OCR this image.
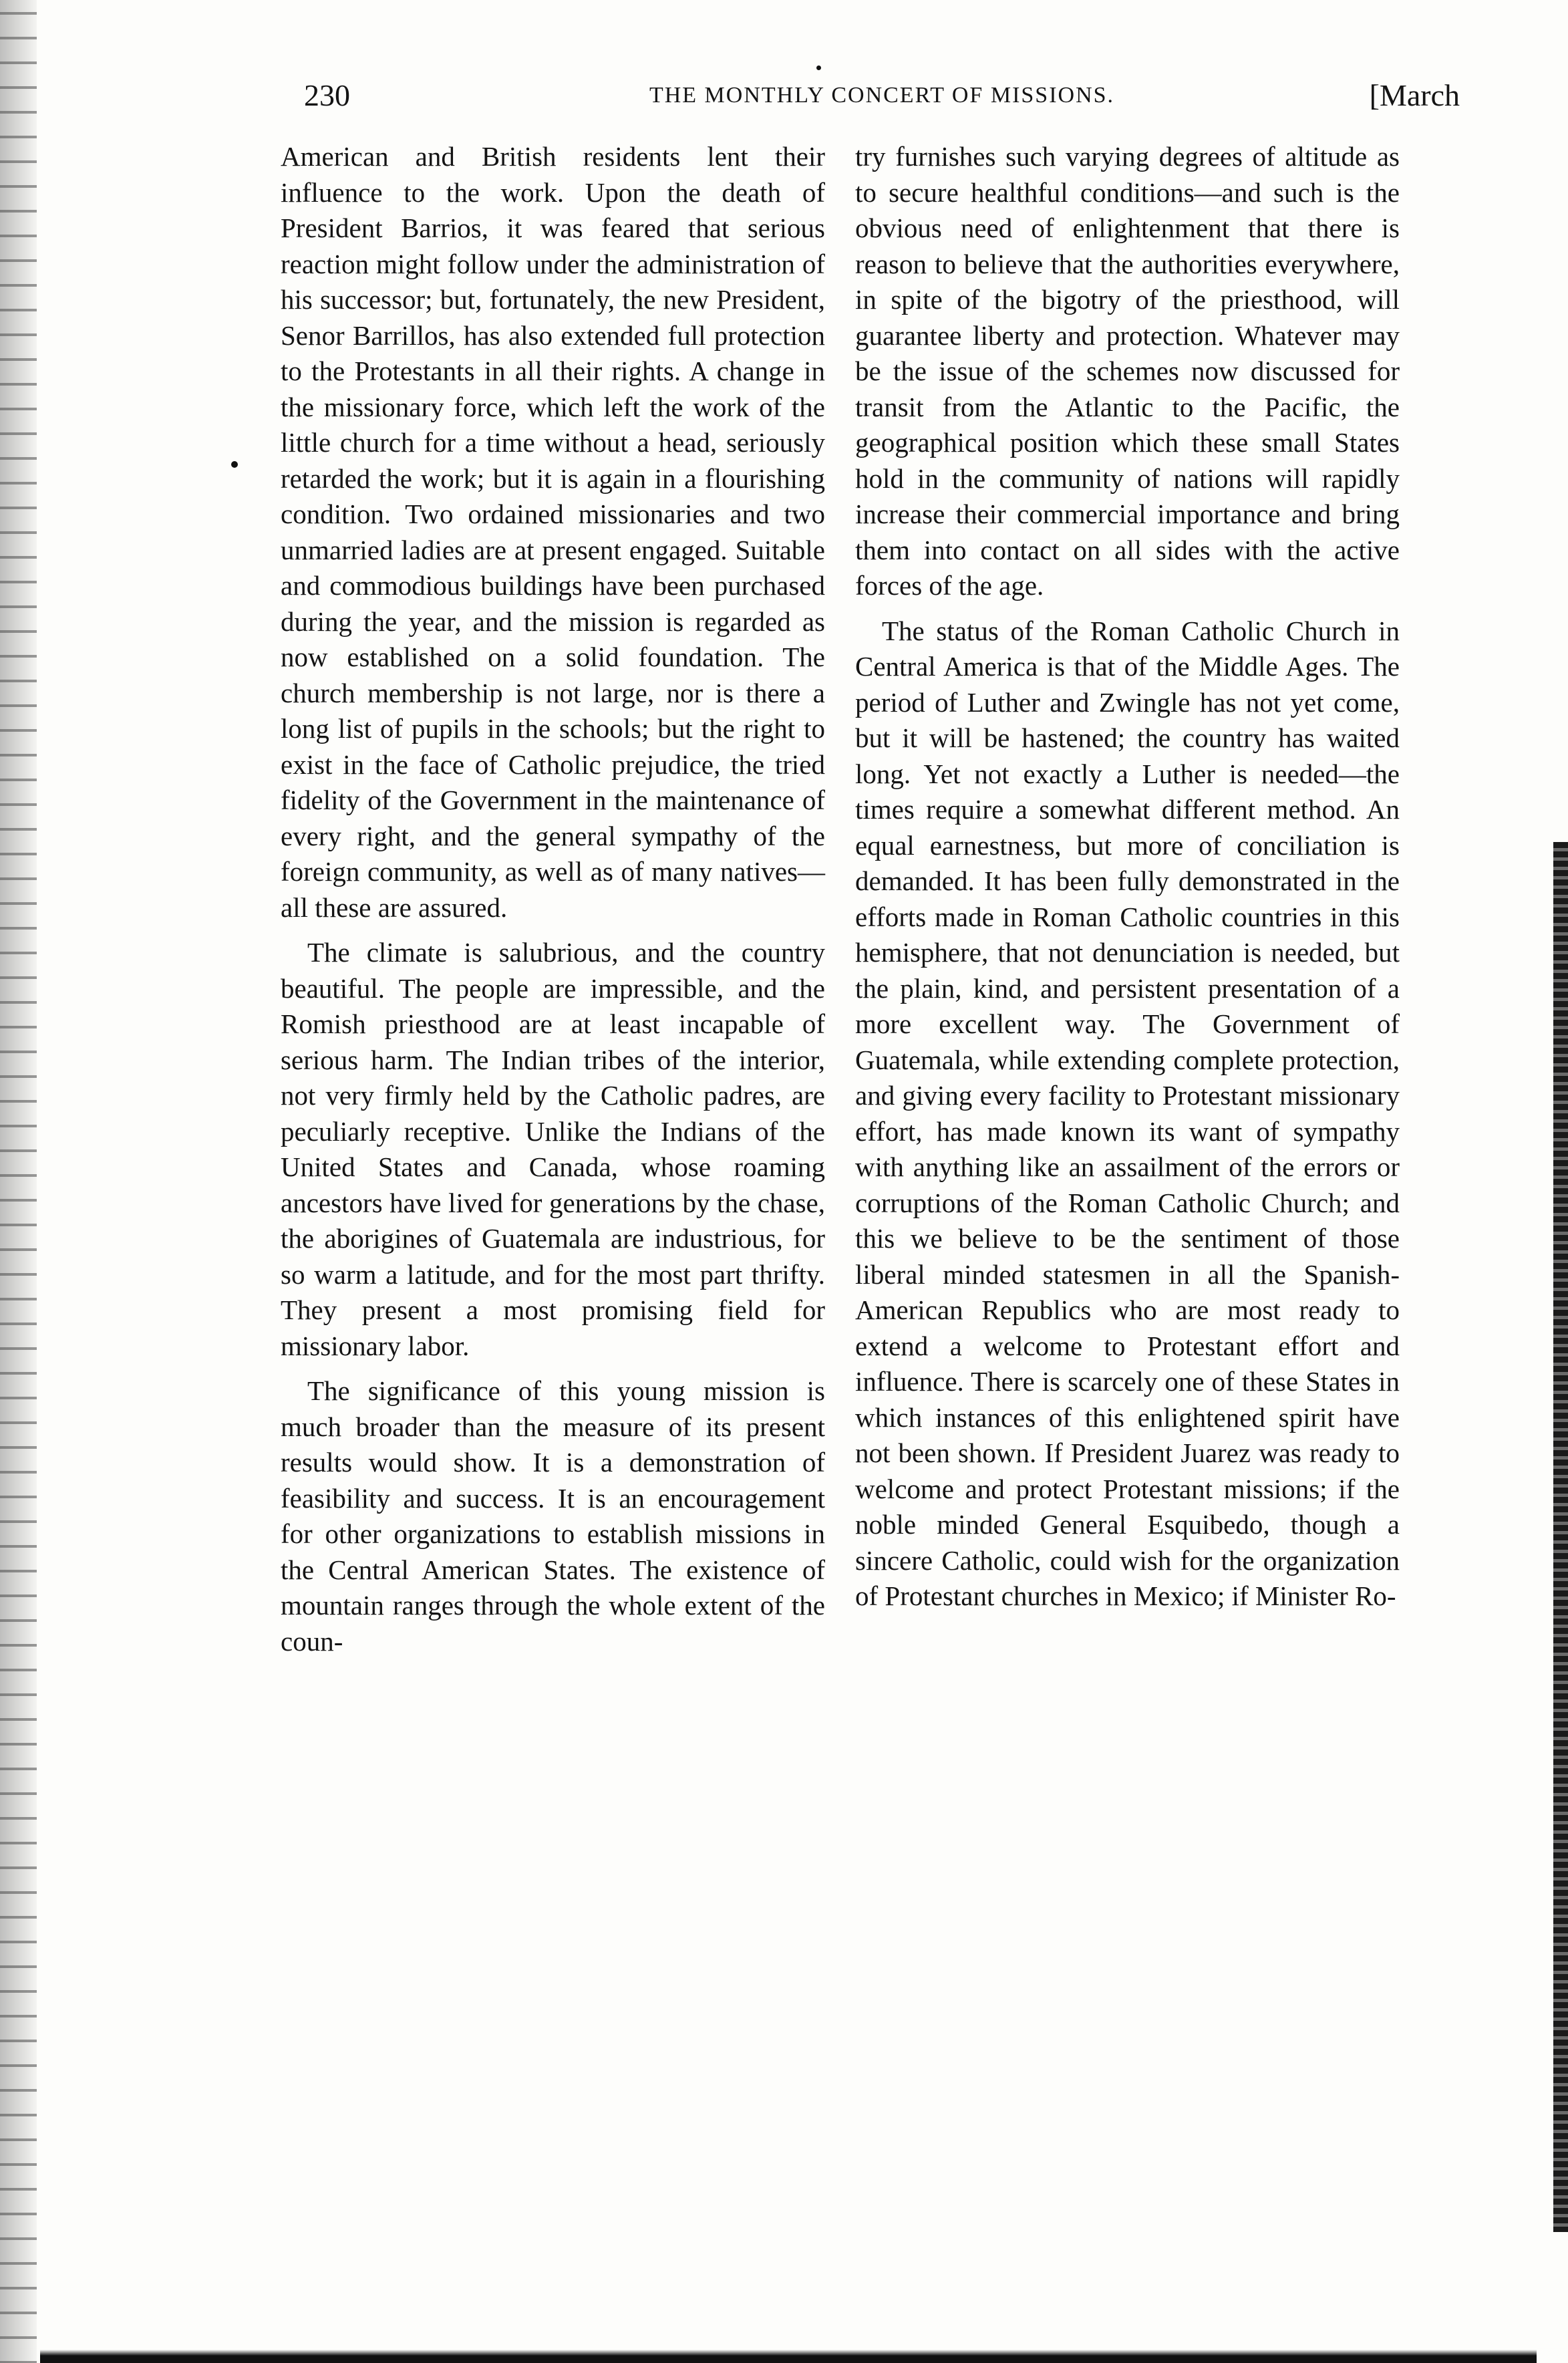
230	THE MONTHLY CONCERT OF MISSIONS.	[March

American and British residents lent their influence to the work. Upon the death of President Barrios, it was feared that serious reaction might follow under the administration of his successor; but, fortunately, the new President, Senor Barrillos, has also extended full protection to the Protestants in all their rights. A change in the missionary force, which left the work of the little church for a time without a head, seriously retarded the work; but it is again in a flourishing condition. Two ordained missionaries and two unmarried ladies are at present engaged. Suitable and commodious buildings have been purchased during the year, and the mission is regarded as now established on a solid foundation. The church membership is not large, nor is there a long list of pupils in the schools; but the right to exist in the face of Catholic prejudice, the tried fidelity of the Government in the maintenance of every right, and the general sympathy of the foreign community, as well as of many natives—all these are assured.

The climate is salubrious, and the country beautiful. The people are impressible, and the Romish priesthood are at least incapable of serious harm. The Indian tribes of the interior, not very firmly held by the Catholic padres, are peculiarly receptive. Unlike the Indians of the United States and Canada, whose roaming ancestors have lived for generations by the chase, the aborigines of Guatemala are industrious, for so warm a latitude, and for the most part thrifty. They present a most promising field for missionary labor.

The significance of this young mission is much broader than the measure of its present results would show. It is a demonstration of feasibility and success. It is an encouragement for other organizations to establish missions in the Central American States. The existence of mountain ranges through the whole extent of the coun-

try furnishes such varying degrees of altitude as to secure healthful conditions—and such is the obvious need of enlightenment that there is reason to believe that the authorities everywhere, in spite of the bigotry of the priesthood, will guarantee liberty and protection. Whatever may be the issue of the schemes now discussed for transit from the Atlantic to the Pacific, the geographical position which these small States hold in the community of nations will rapidly increase their commercial importance and bring them into contact on all sides with the active forces of the age.

The status of the Roman Catholic Church in Central America is that of the Middle Ages. The period of Luther and Zwingle has not yet come, but it will be hastened; the country has waited long. Yet not exactly a Luther is needed—the times require a somewhat different method. An equal earnestness, but more of conciliation is demanded. It has been fully demonstrated in the efforts made in Roman Catholic countries in this hemisphere, that not denunciation is needed, but the plain, kind, and persistent presentation of a more excellent way. The Government of Guatemala, while extending complete protection, and giving every facility to Protestant missionary effort, has made known its want of sympathy with anything like an assailment of the errors or corruptions of the Roman Catholic Church; and this we believe to be the sentiment of those liberal minded statesmen in all the Spanish-American Republics who are most ready to extend a welcome to Protestant effort and influence. There is scarcely one of these States in which instances of this enlightened spirit have not been shown. If President Juarez was ready to welcome and protect Protestant missions; if the noble minded General Esquibedo, though a sincere Catholic, could wish for the organization of Protestant churches in Mexico; if Minister Ro-
